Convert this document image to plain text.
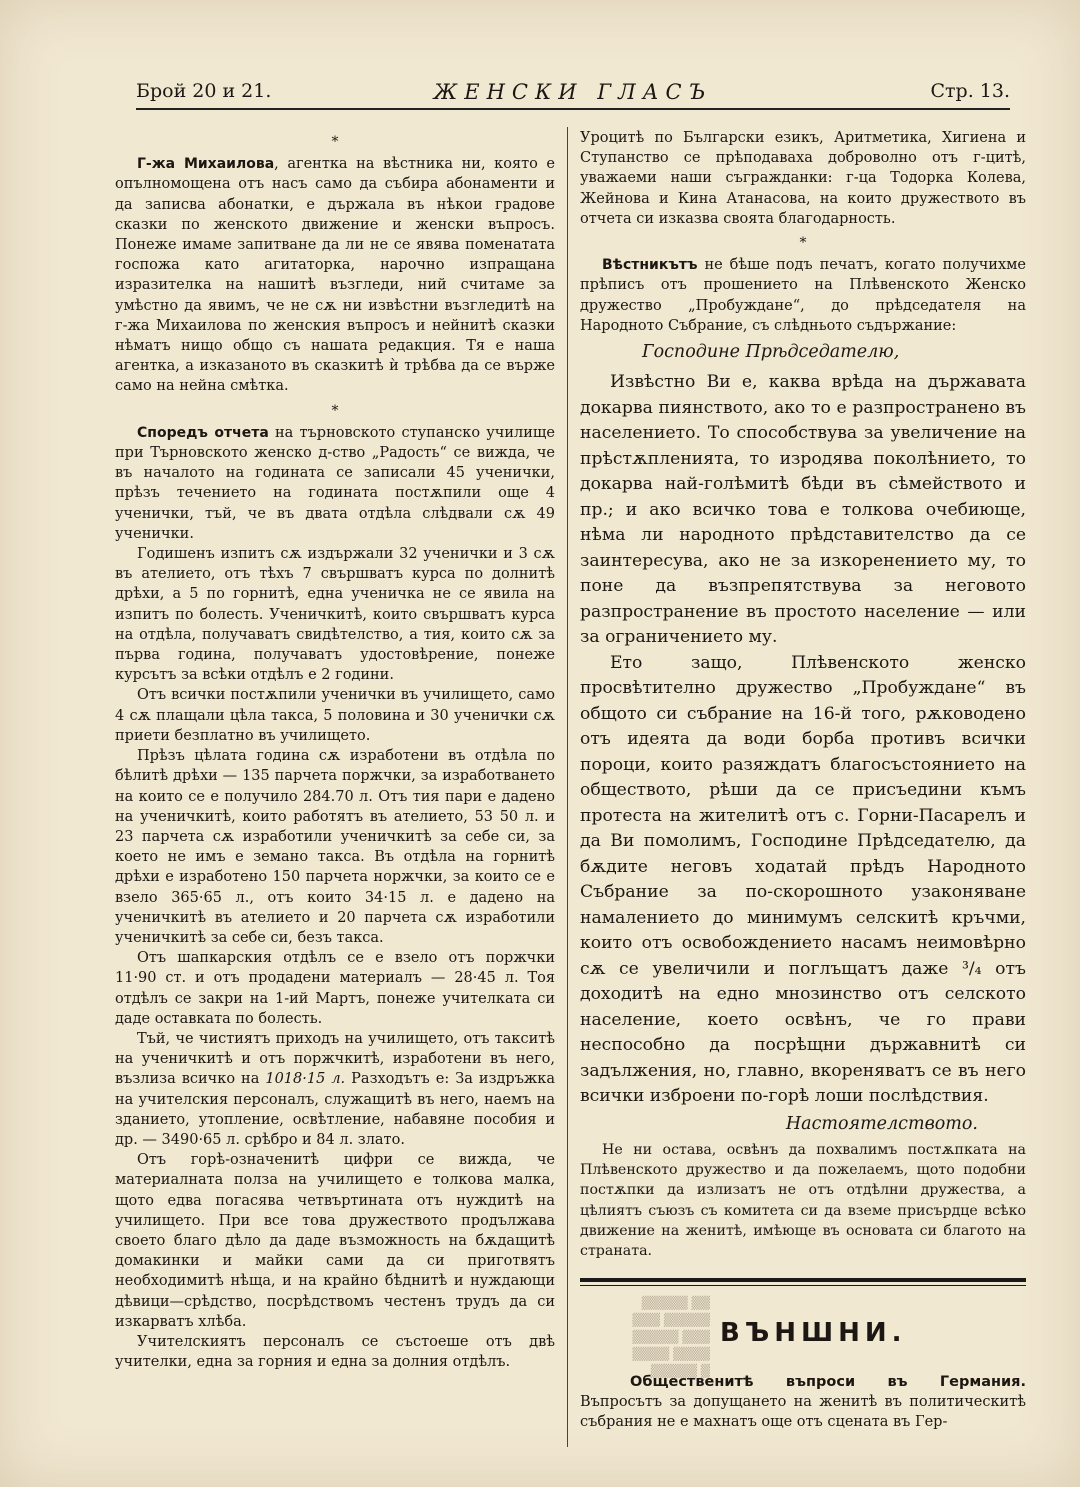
Брой 20 и 21.	ЖЕНСКИ ГЛАСЪ	Стр. 13.
*

Г-жа Михаилова, агентка на вѣстника ни, която е опълномощена отъ насъ само да събира абонаменти и да записва абонатки, е държала въ нѣкои градове сказки по женското движение и женски въпросъ. Понеже имаме запитване да ли не се явява поменатата госпожа като агитаторка, нарочно изпращана изразителка на нашитѣ възгледи, ний считаме за умѣстно да явимъ, че не сѫ ни извѣстни възгледитѣ на г-жа Михаилова по женския въпросъ и нейнитѣ сказки нѣматъ нищо общо съ нашата редакция. Тя е наша агентка, а изказаното въ сказкитѣ ѝ трѣбва да се върже само на нейна смѣтка.

*

Споредъ отчета на търновското ступанско училище при Търновското женско д-ство „Радость“ се вижда, че въ началото на годината се записали 45 ученички, прѣзъ течението на годината постѫпили още 4 ученички, тъй, че въ двата отдѣла слѣдвали сѫ 49 ученички.

Годишенъ изпитъ сѫ издържали 32 ученички и 3 сѫ въ ателието, отъ тѣхъ 7 свършватъ курса по долнитѣ дрѣхи, а 5 по горнитѣ, една ученичка не се явила на изпитъ по болесть. Ученичкитѣ, които свършватъ курса на отдѣла, получаватъ свидѣтелство, а тия, които сѫ за първа година, получаватъ удостовѣрение, понеже курсътъ за всѣки отдѣлъ е 2 години.

Отъ всички постѫпили ученички въ училището, само 4 сѫ плащали цѣла такса, 5 половина и 30 ученички сѫ приети безплатно въ училището.

Прѣзъ цѣлата година сѫ изработени въ отдѣла по бѣлитѣ дрѣхи — 135 парчета поржчки, за изработването на които се е получило 284.70 л. Отъ тия пари е дадено на ученичкитѣ, които работятъ въ ателието, 53 50 л. и 23 парчета сѫ изработили ученичкитѣ за себе си, за което не имъ е земано такса. Въ отдѣла на горнитѣ дрѣхи е изработено 150 парчета норжчки, за които се е взело 365·65 л., отъ които 34·15 л. е дадено на ученичкитѣ въ ателието и 20 парчета сѫ изработили ученичкитѣ за себе си, безъ такса.

Отъ шапкарския отдѣлъ се е взело отъ поржчки 11·90 ст. и отъ продадени материалъ — 28·45 л. Тоя отдѣлъ се закри на 1-ий Мартъ, понеже учителката си даде оставката по болесть.

Тъй, че чистиятъ приходъ на училището, отъ такситѣ на ученичкитѣ и отъ поржчкитѣ, изработени въ него, възлиза всичко на 1018·15 л. Разходътъ е: За издръжка на учителския персоналъ, служащитѣ въ него, наемъ на зданието, утопление, освѣтление, набавяне пособия и др. — 3490·65 л. срѣбро и 84 л. злато.

Отъ горѣ-означенитѣ цифри се вижда, че материалната полза на училището е толкова малка, щото едва погасява четвъртината отъ нуждитѣ на училището. При все това дружеството продължава своето благо дѣло да даде възможность на бѫдащитѣ домакинки и майки сами да си приготвятъ необходимитѣ нѣща, и на крайно бѣднитѣ и нуждающи дѣвици—срѣдство, посрѣдствомъ честенъ трудъ да си изкарватъ хлѣба.

Учителскиятъ персоналъ се състоеше отъ двѣ учителки, една за горния и една за долния отдѣлъ.

Уроцитѣ по Български езикъ, Аритметика, Хигиена и Ступанство се прѣподаваха доброволно отъ г-цитѣ, уважаеми наши съгражданки: г-ца Тодорка Колева, Жейнова и Кина Атанасова, на които дружеството въ отчета си изказва своята благодарность.

*

Вѣстникътъ не бѣше подъ печатъ, когато получихме прѣписъ отъ прошението на Плѣвенското Женско дружество „Пробуждане“, до прѣдседателя на Народното Събрание, съ слѣдньото съдържание:

Господине Прѣдседателю,

Извѣстно Ви е, каква врѣда на държавата докарва пиянството, ако то е разпространено въ населението. То способствува за увеличение на прѣстѫпленията, то изродява поколѣнието, то докарва най-голѣмитѣ бѣди въ сѣмейството и пр.; и ако всичко това е толкова очебиюще, нѣма ли народното прѣдставителство да се заинтересува, ако не за изкоренението му, то поне да възпрепятствува за неговото разпространение въ простото население — или за ограничението му.

Ето защо, Плѣвенското женско просвѣтително дружество „Пробуждане“ въ общото си събрание на 16-й того, рѫководено отъ идеята да води борба противъ всички пороци, които разяждатъ благосъстоянието на обществото, рѣши да се присъедини къмъ протеста на жителитѣ отъ с. Горни-Пасарелъ и да Ви помолимъ, Господине Прѣдседателю, да бѫдите неговъ ходатай прѣдъ Народното Събрание за по-скорошното узаконяване намалението до минимумъ селскитѣ кръчми, които отъ освобождението насамъ неимовѣрно сѫ се увеличили и поглъщатъ даже ³/₄ отъ доходитѣ на едно мнозинство отъ селското население, което освѣнъ, че го прави неспособно да посрѣщни държавнитѣ си задължения, но, главно, вкореняватъ се въ него всички изброени по-горѣ лоши послѣдствия.

Настоятелството.

Не ни остава, освѣнъ да похвалимъ постѫпката на Плѣвенското дружество и да пожелаемъ, щото подобни постѫпки да излизатъ не отъ отдѣлни дружества, а цѣлиятъ съюзъ съ комитета си да вземе присърдце всѣко движение на женитѣ, имѣюще въ основата си благото на страната.

▒▒ ▒▒▒▒▒
▒▒▒▒▒ ▒▒▒
▒▒▒ ▒▒▒▒▒
▒▒▒▒ ▒▒▒▒
▒ ▒▒▒▒▒
ВЪНШНИ.

Общественитѣ въпроси въ Германия. Въпросътъ за допущането на женитѣ въ политическитѣ събрания не е махнатъ още отъ сцената въ Гер-
